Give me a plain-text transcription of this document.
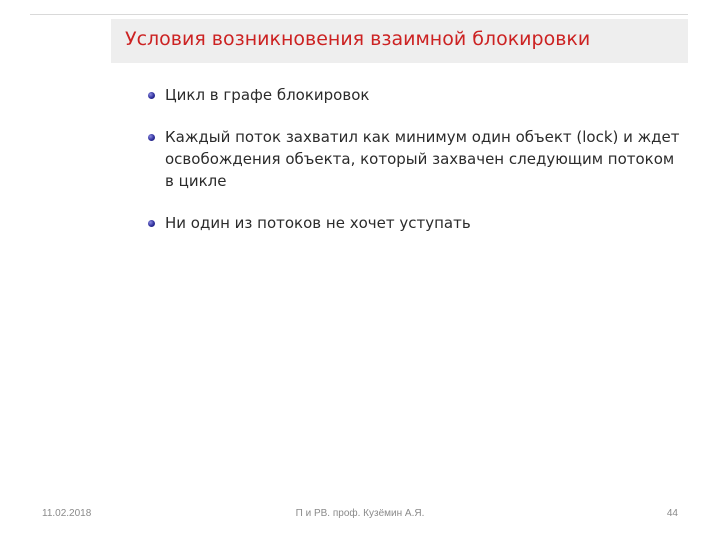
Условия возникновения взаимной блокировки
Цикл в графе блокировок
Каждый поток захватил как минимум один объект (lock) и ждет освобождения объекта, который захвачен следующим потоком в цикле
Ни один из потоков не хочет уступать
11.02.2018	П и РВ. проф. Кузёмин А.Я.	44
